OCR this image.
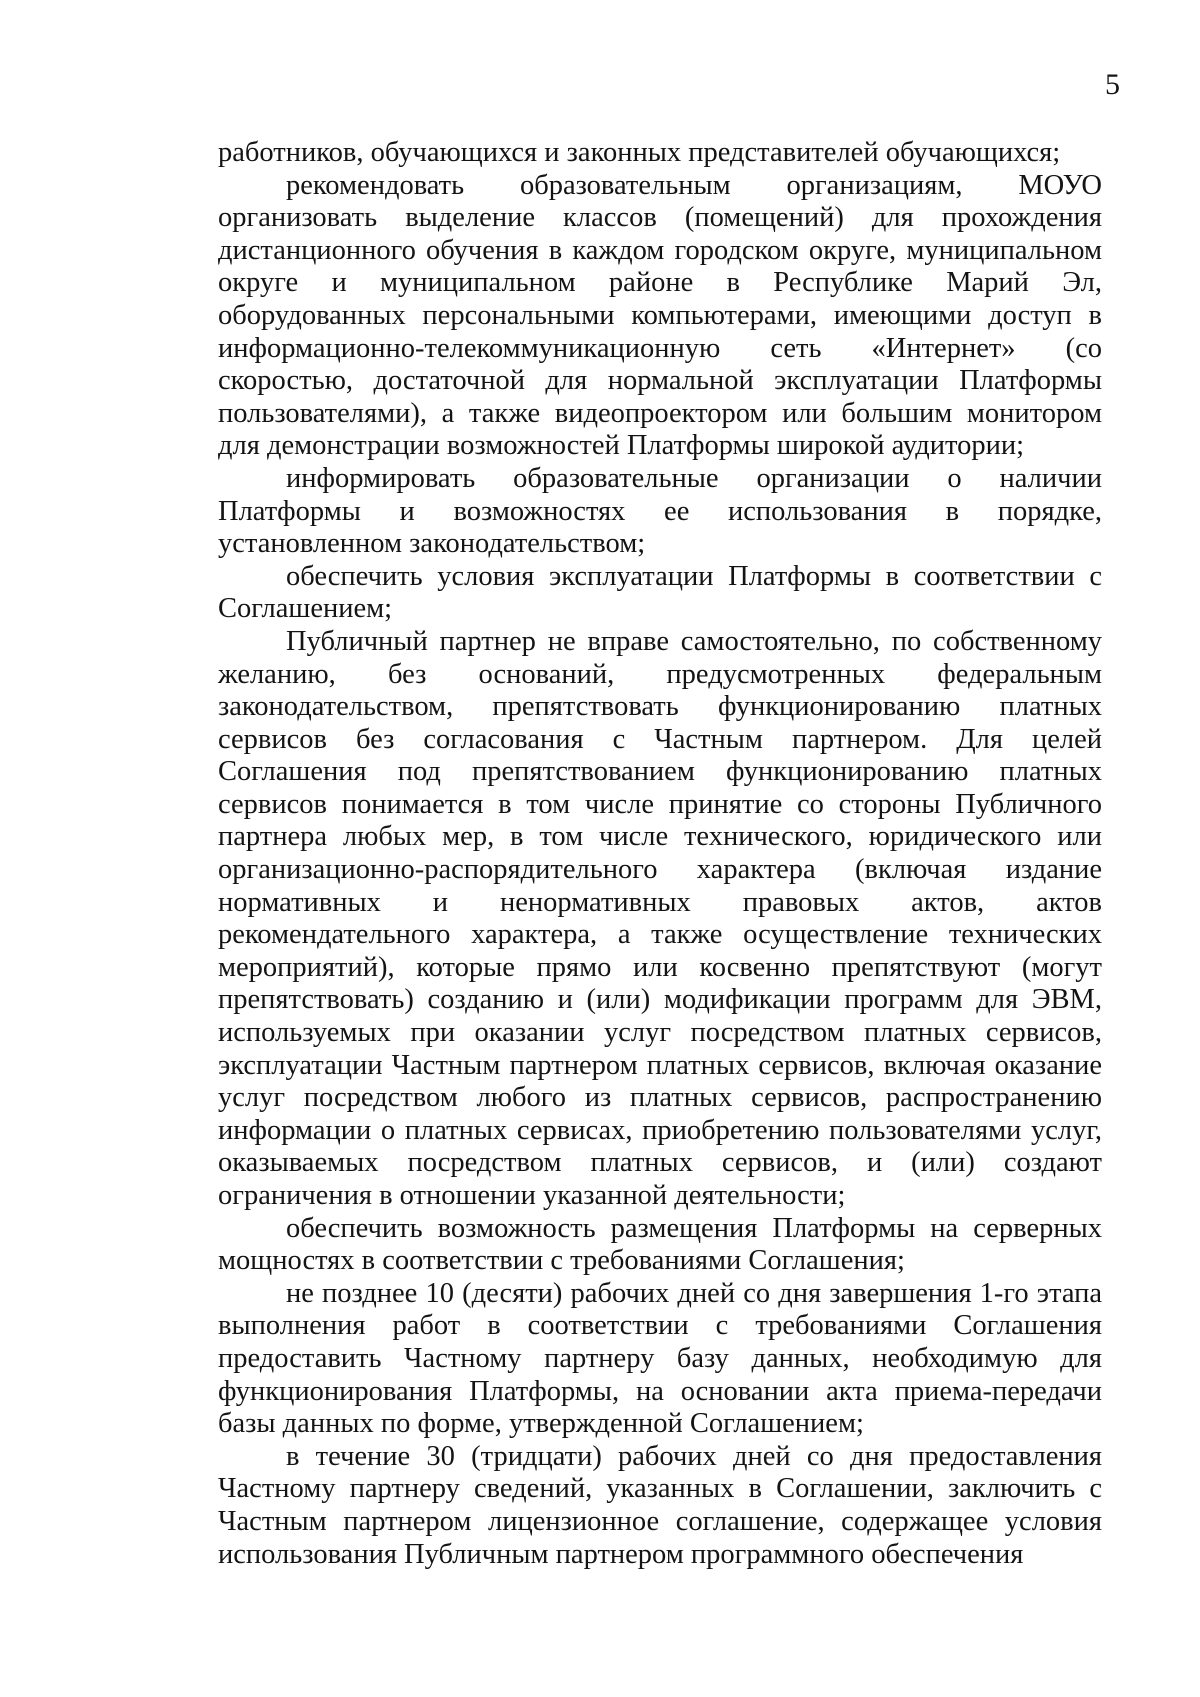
5

работников, обучающихся и законных представителей обучающихся;

рекомендовать образовательным организациям, МОУО организовать выделение классов (помещений) для прохождения дистанционного обучения в каждом городском округе, муниципальном округе и муниципальном районе в Республике Марий Эл, оборудованных персональными компьютерами, имеющими доступ в информационно-телекоммуникационную сеть «Интернет» (со скоростью, достаточной для нормальной эксплуатации Платформы пользователями), а также видеопроектором или большим монитором для демонстрации возможностей Платформы широкой аудитории;

информировать образовательные организации о наличии Платформы и возможностях ее использования в порядке, установленном законодательством;

обеспечить условия эксплуатации Платформы в соответствии с Соглашением;

Публичный партнер не вправе самостоятельно, по собственному желанию, без оснований, предусмотренных федеральным законодательством, препятствовать функционированию платных сервисов без согласования с Частным партнером. Для целей Соглашения под препятствованием функционированию платных сервисов понимается в том числе принятие со стороны Публичного партнера любых мер, в том числе технического, юридического или организационно-распорядительного характера (включая издание нормативных и ненормативных правовых актов, актов рекомендательного характера, а также осуществление технических мероприятий), которые прямо или косвенно препятствуют (могут препятствовать) созданию и (или) модификации программ для ЭВМ, используемых при оказании услуг посредством платных сервисов, эксплуатации Частным партнером платных сервисов, включая оказание услуг посредством любого из платных сервисов, распространению информации о платных сервисах, приобретению пользователями услуг, оказываемых посредством платных сервисов, и (или) создают ограничения в отношении указанной деятельности;

обеспечить возможность размещения Платформы на серверных мощностях в соответствии с требованиями Соглашения;

не позднее 10 (десяти) рабочих дней со дня завершения 1-го этапа выполнения работ в соответствии с требованиями Соглашения предоставить Частному партнеру базу данных, необходимую для функционирования Платформы, на основании акта приема-передачи базы данных по форме, утвержденной Соглашением;

в течение 30 (тридцати) рабочих дней со дня предоставления Частному партнеру сведений, указанных в Соглашении, заключить с Частным партнером лицензионное соглашение, содержащее условия использования Публичным партнером программного обеспечения
